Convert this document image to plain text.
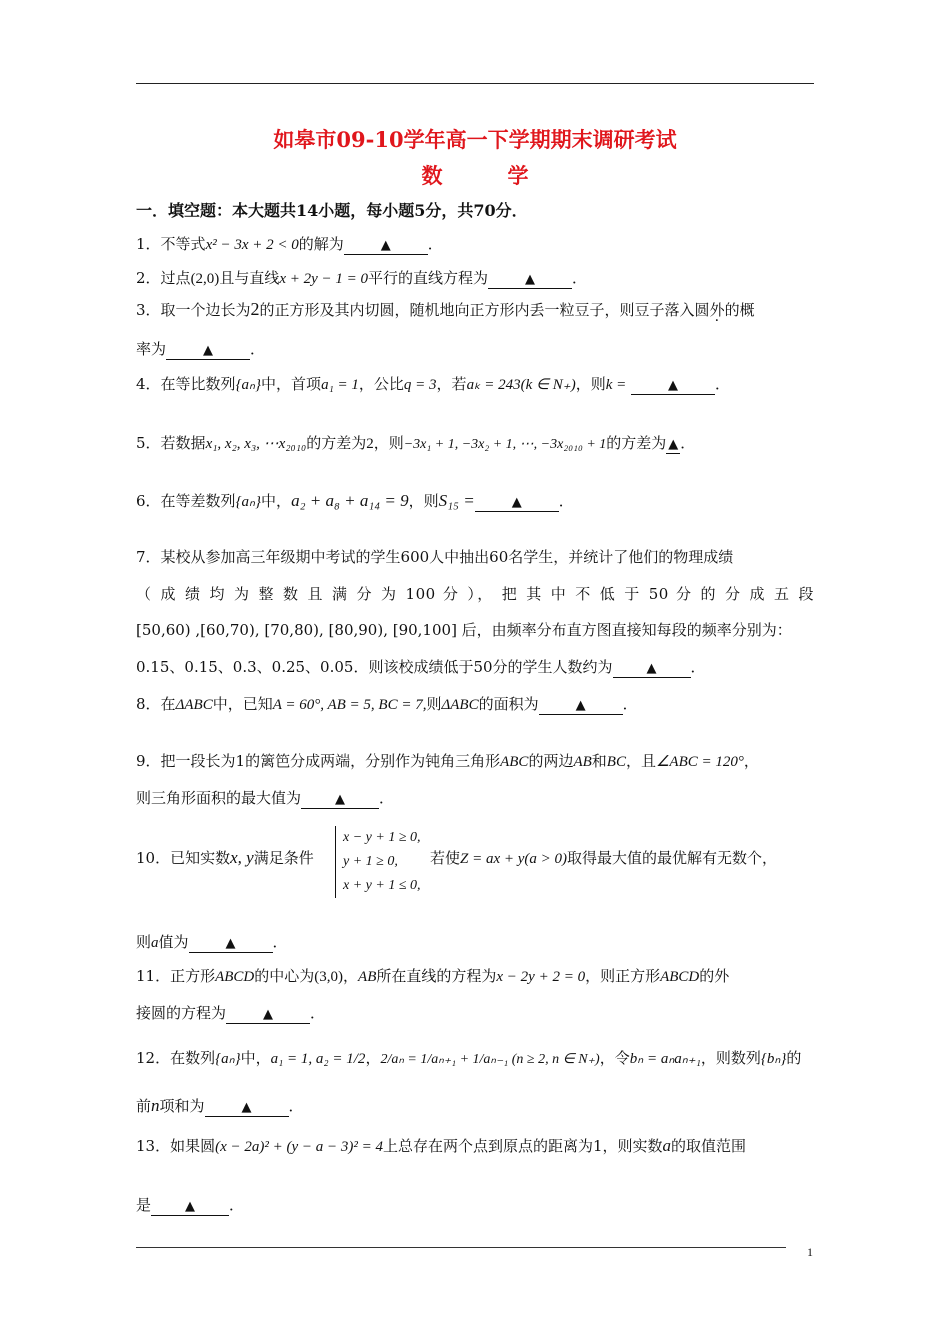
如皋市09-10学年高一下学期期末调研考试
数　学
一．填空题：本大题共14小题，每小题5分，共70分．
1．不等式x² − 3x + 2 < 0的解为	▲ ．
2．过点(2,0)且与直线x + 2y − 1 = 0平行的直线方程为	▲ ．
3．取一个边长为2的正方形及其内切圆，随机地向正方形内丢一粒豆子，则豆子落入圆外的概
率为	▲ ．
4．在等比数列{aₙ}中，首项a₁ = 1，公比q = 3，若aₖ = 243(k ∈ N₊)，则k =	▲ ．
5．若数据x₁, x₂, x₃, ⋯x₂₀₁₀的方差为2，则−3x₁ + 1, −3x₂ + 1, ⋯, −3x₂₀₁₀ + 1的方差为 ▲ ．
6．在等差数列{aₙ}中，a₂ + a₈ + a₁₄ = 9，则S₁₅ =	▲ ．
7．某校从参加高三年级期中考试的学生600人中抽出60名学生，并统计了他们的物理成绩
（ 成 绩 均 为 整 数 且 满 分 为 100 分 ）， 把 其 中 不 低 于 50 分 的 分 成 五 段
[50,60) ,[60,70), [70,80), [80,90), [90,100] 后，由频率分布直方图直接知每段的频率分别为：
0.15、0.15、0.3、0.25、0.05．则该校成绩低于50分的学生人数约为	▲ ．
8．在ΔABC中，已知A = 60°, AB = 5, BC = 7,则ΔABC的面积为	▲ ．
9．把一段长为1的篱笆分成两端，分别作为钝角三角形ABC的两边AB和BC，且∠ABC = 120°，
则三角形面积的最大值为	▲ ．
10．已知实数x, y满足条件
x − y + 1 ≥ 0,
y + 1 ≥ 0,
x + y + 1 ≤ 0,
若使Z = ax + y(a > 0)取得最大值的最优解有无数个，
则a值为	▲ ．
11．正方形ABCD的中心为(3,0)，AB所在直线的方程为x − 2y + 2 = 0，则正方形ABCD的外
接圆的方程为	▲ ．
12．在数列{aₙ}中，a₁ = 1, a₂ = 1/2，2/aₙ = 1/aₙ₊₁ + 1/aₙ₋₁ (n ≥ 2, n ∈ N₊)，令bₙ = aₙaₙ₊₁，则数列{bₙ}的
前n项和为	▲ ．
13．如果圆(x − 2a)² + (y − a − 3)² = 4上总存在两个点到原点的距离为1，则实数a的取值范围
是	▲ ．
1
